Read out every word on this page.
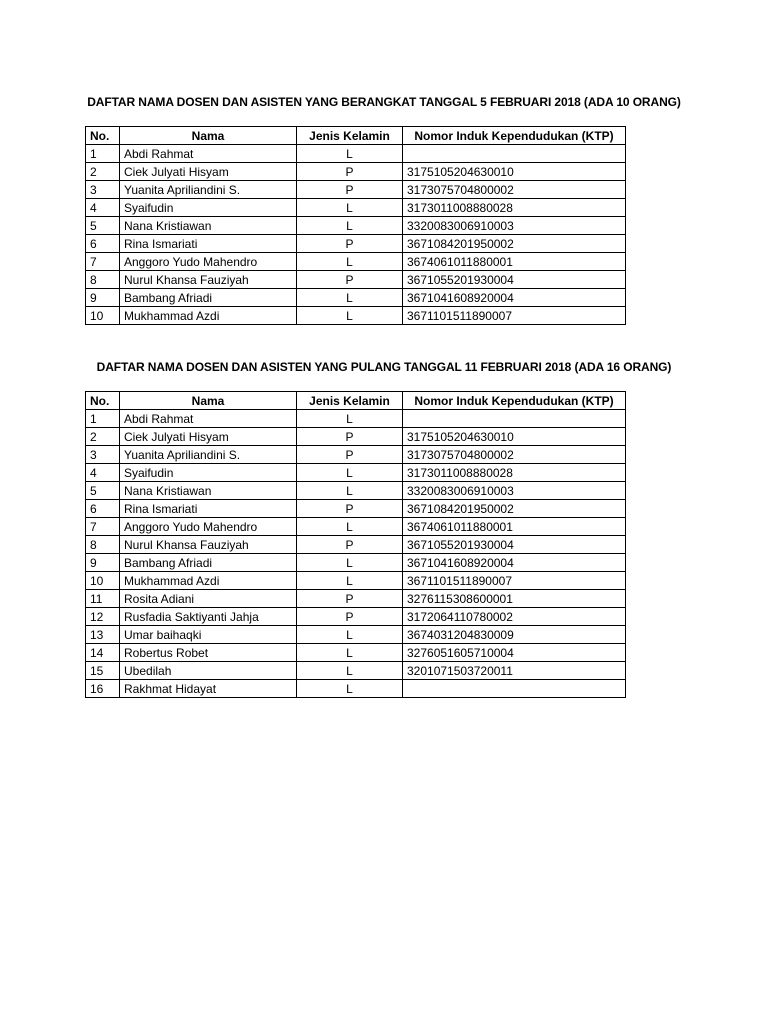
DAFTAR NAMA DOSEN DAN ASISTEN YANG BERANGKAT TANGGAL 5 FEBRUARI 2018 (ADA 10 ORANG)
No.	Nama	Jenis Kelamin	Nomor Induk Kependudukan (KTP)
1	Abdi Rahmat	L	
2	Ciek Julyati Hisyam	P	3175105204630010
3	Yuanita Apriliandini S.	P	3173075704800002
4	Syaifudin	L	3173011008880028
5	Nana Kristiawan	L	3320083006910003
6	Rina Ismariati	P	3671084201950002
7	Anggoro Yudo Mahendro	L	3674061011880001
8	Nurul Khansa Fauziyah	P	3671055201930004
9	Bambang Afriadi	L	3671041608920004
10	Mukhammad Azdi	L	3671101511890007
DAFTAR NAMA DOSEN DAN ASISTEN YANG PULANG TANGGAL 11 FEBRUARI 2018 (ADA 16 ORANG)
No.	Nama	Jenis Kelamin	Nomor Induk Kependudukan (KTP)
1	Abdi Rahmat	L	
2	Ciek Julyati Hisyam	P	3175105204630010
3	Yuanita Apriliandini S.	P	3173075704800002
4	Syaifudin	L	3173011008880028
5	Nana Kristiawan	L	3320083006910003
6	Rina Ismariati	P	3671084201950002
7	Anggoro Yudo Mahendro	L	3674061011880001
8	Nurul Khansa Fauziyah	P	3671055201930004
9	Bambang Afriadi	L	3671041608920004
10	Mukhammad Azdi	L	3671101511890007
11	Rosita Adiani	P	3276115308600001
12	Rusfadia Saktiyanti Jahja	P	3172064110780002
13	Umar baihaqki	L	3674031204830009
14	Robertus Robet	L	3276051605710004
15	Ubedilah	L	3201071503720011
16	Rakhmat Hidayat	L	
